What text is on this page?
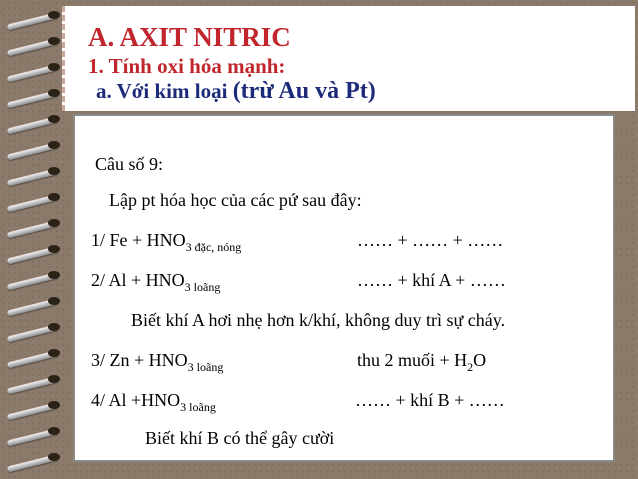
A. AXIT NITRIC
1. Tính oxi hóa mạnh:
a. Với kim loại (trừ Au và Pt)
Câu số 9:
Lập pt hóa học của các pứ sau đây:
1/ $Fe + HNO_{3 đặc, nóng}$	…… + …… + ……
2/ $Al + HNO_{3 loãng}$	…… + khí A + ……
Biết khí A hơi nhẹ hơn k/khí, không duy trì sự cháy.
3/ $Zn + HNO_{3 loãng}$	thu 2 muối + $H_2O$
4/ $Al +HNO_{3 loãng}$	…… + khí B + ……
Biết khí B có thể gây cười
